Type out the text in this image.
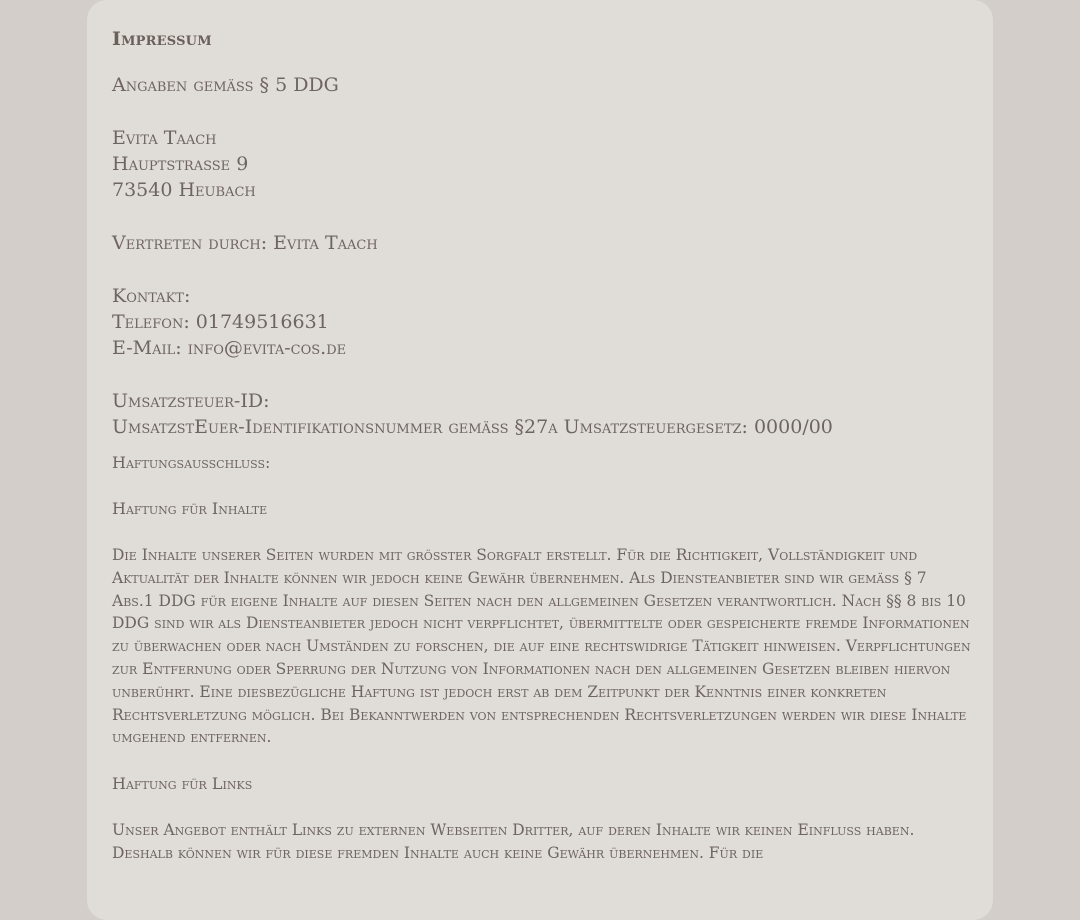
Impressum
Angaben gemäß § 5 DDG
Evita Taach
Hauptstraße 9
73540 Heubach
Vertreten durch: Evita Taach
Kontakt:
Telefon: 01749516631
E-Mail: info@evita-cos.de
Umsatzsteuer-ID:
UmsatzstEuer-Identifikationsnummer gemäß §27a Umsatzsteuergesetz: 0000/00
Haftungsausschluss:
Haftung für Inhalte
Die Inhalte unserer Seiten wurden mit größter Sorgfalt erstellt. Für die Richtigkeit, Vollständigkeit und Aktualität der Inhalte können wir jedoch keine Gewähr übernehmen. Als Diensteanbieter sind wir gemäß § 7 Abs.1 DDG für eigene Inhalte auf diesen Seiten nach den allgemeinen Gesetzen verantwortlich. Nach §§ 8 bis 10 DDG sind wir als Diensteanbieter jedoch nicht verpflichtet, übermittelte oder gespeicherte fremde Informationen zu überwachen oder nach Umständen zu forschen, die auf eine rechtswidrige Tätigkeit hinweisen. Verpflichtungen zur Entfernung oder Sperrung der Nutzung von Informationen nach den allgemeinen Gesetzen bleiben hiervon unberührt. Eine diesbezügliche Haftung ist jedoch erst ab dem Zeitpunkt der Kenntnis einer konkreten Rechtsverletzung möglich. Bei Bekanntwerden von entsprechenden Rechtsverletzungen werden wir diese Inhalte umgehend entfernen.
Haftung für Links
Unser Angebot enthält Links zu externen Webseiten Dritter, auf deren Inhalte wir keinen Einfluss haben. Deshalb können wir für diese fremden Inhalte auch keine Gewähr übernehmen. Für die
